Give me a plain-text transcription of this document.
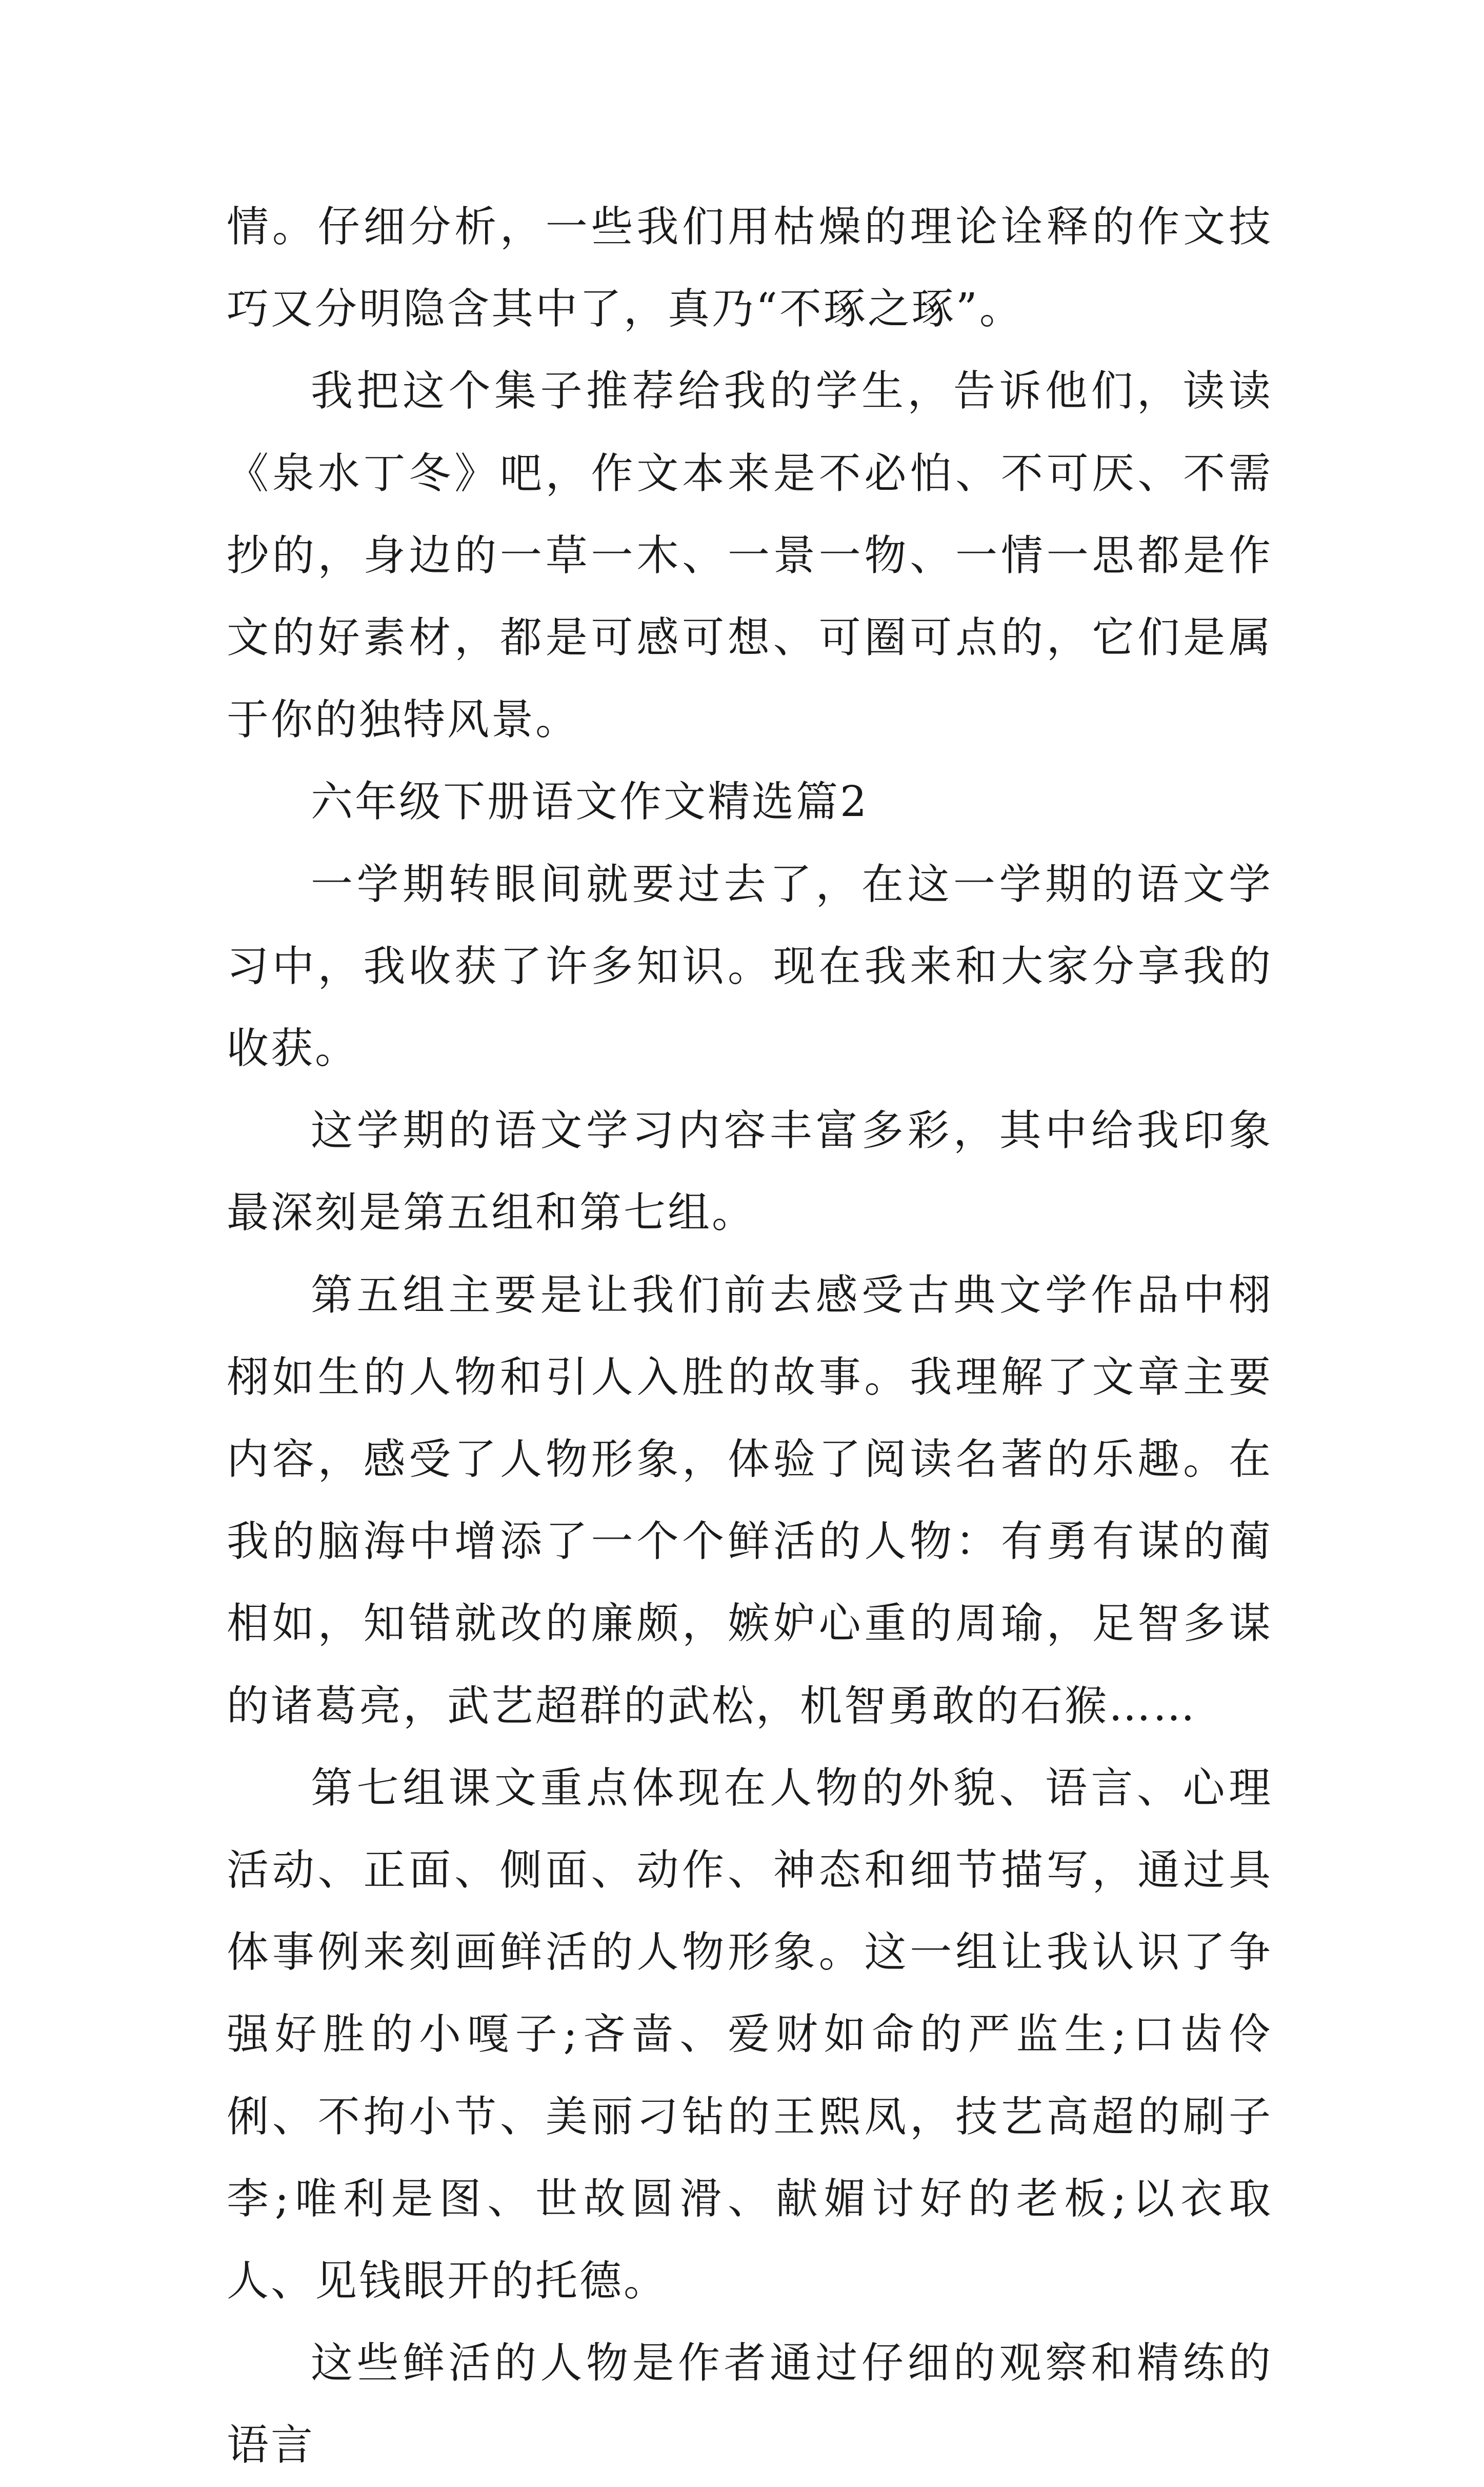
情。仔细分析，一些我们用枯燥的理论诠释的作文技巧又分明隐含其中了，真乃“不琢之琢”。

我把这个集子推荐给我的学生，告诉他们，读读《泉水丁冬》吧，作文本来是不必怕、不可厌、不需抄的，身边的一草一木、一景一物、一情一思都是作文的好素材，都是可感可想、可圈可点的，它们是属于你的独特风景。

六年级下册语文作文精选篇2

一学期转眼间就要过去了，在这一学期的语文学习中，我收获了许多知识。现在我来和大家分享我的收获。

这学期的语文学习内容丰富多彩，其中给我印象最深刻是第五组和第七组。

第五组主要是让我们前去感受古典文学作品中栩栩如生的人物和引人入胜的故事。我理解了文章主要内容，感受了人物形象，体验了阅读名著的乐趣。在我的脑海中增添了一个个鲜活的人物：有勇有谋的蔺相如，知错就改的廉颇，嫉妒心重的周瑜，足智多谋的诸葛亮，武艺超群的武松，机智勇敢的石猴……

第七组课文重点体现在人物的外貌、语言、心理活动、正面、侧面、动作、神态和细节描写，通过具体事例来刻画鲜活的人物形象。这一组让我认识了争强好胜的小嘎子;吝啬、爱财如命的严监生;口齿伶俐、不拘小节、美丽刁钻的王熙凤，技艺高超的刷子李;唯利是图、世故圆滑、献媚讨好的老板;以衣取人、见钱眼开的托德。

这些鲜活的人物是作者通过仔细的观察和精练的语言
